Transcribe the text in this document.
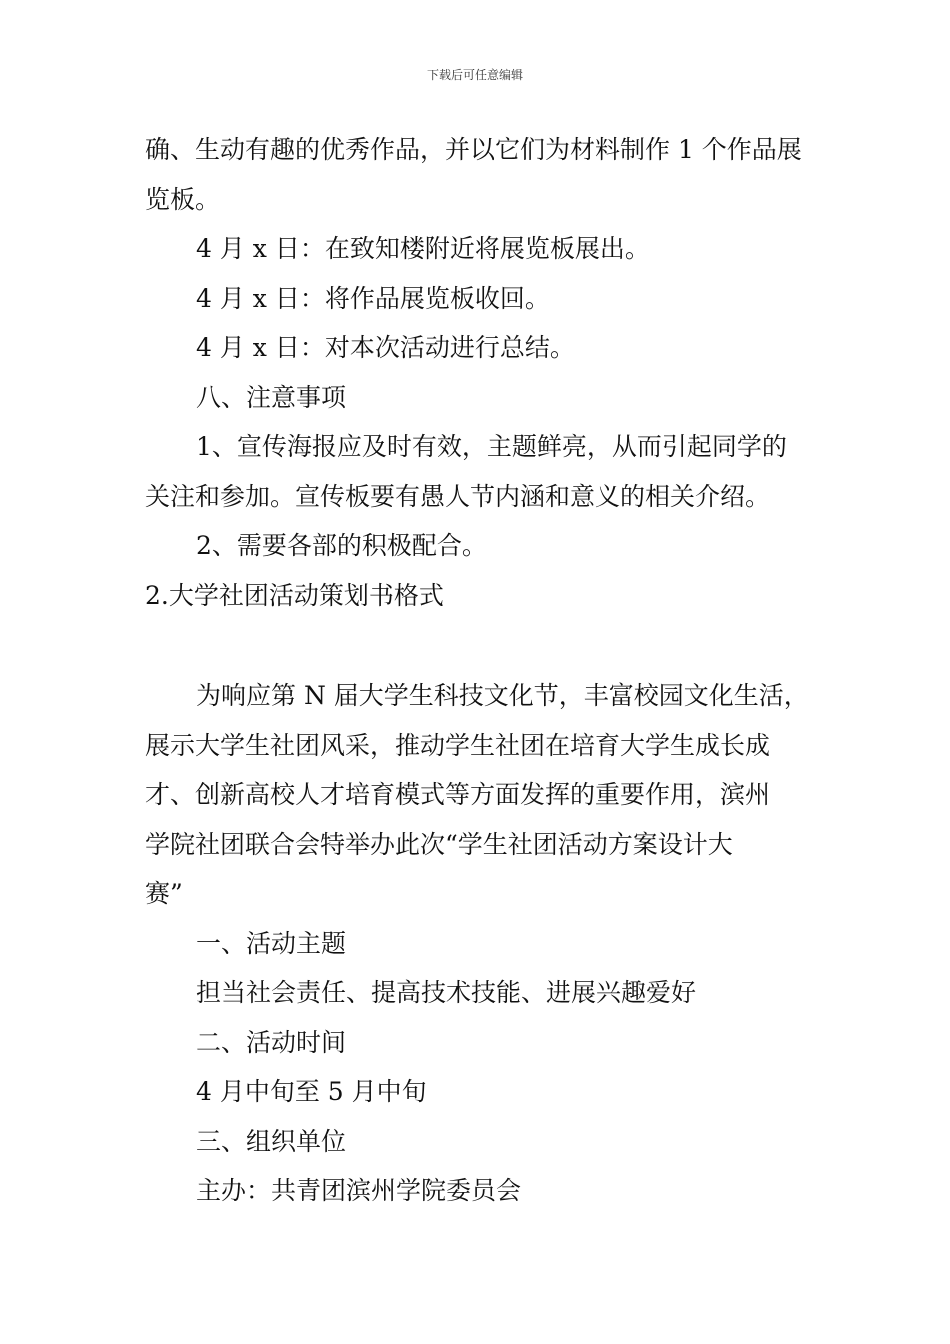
下载后可任意编辑

确、生动有趣的优秀作品，并以它们为材料制作 1 个作品展

览板。

4 月 x 日：在致知楼附近将展览板展出。

4 月 x 日：将作品展览板收回。

4 月 x 日：对本次活动进行总结。

八、注意事项

1、宣传海报应及时有效，主题鲜亮，从而引起同学的

关注和参加。宣传板要有愚人节内涵和意义的相关介绍。

2、需要各部的积极配合。

2.大学社团活动策划书格式

为响应第 N 届大学生科技文化节，丰富校园文化生活，

展示大学生社团风采，推动学生社团在培育大学生成长成

才、创新高校人才培育模式等方面发挥的重要作用，滨州

学院社团联合会特举办此次“学生社团活动方案设计大

赛”

一、活动主题

担当社会责任、提高技术技能、进展兴趣爱好

二、活动时间

4 月中旬至 5 月中旬

三、组织单位

主办：共青团滨州学院委员会
